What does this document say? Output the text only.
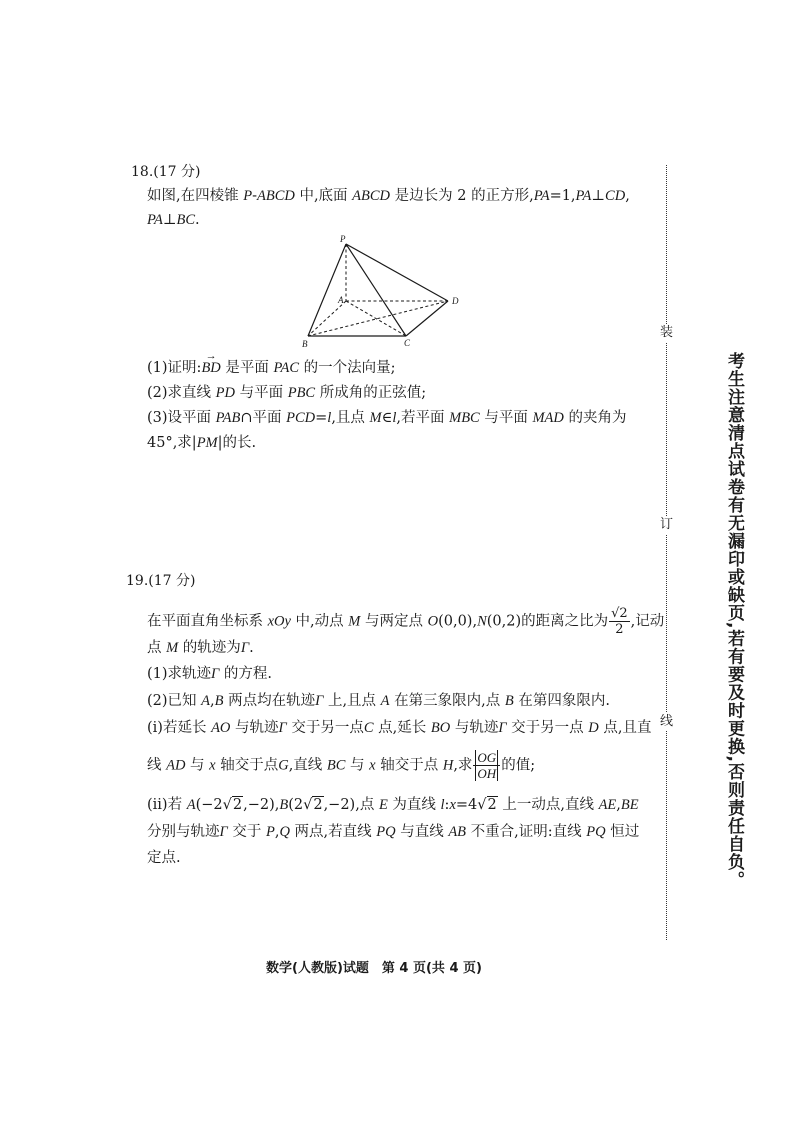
18.(17 分)
如图,在四棱锥 P-ABCD 中,底面 ABCD 是边长为 2 的正方形,PA=1,PA⊥CD,
PA⊥BC.
P
A
B	C
D
(1)证明:
→
BD 是平面 PAC 的一个法向量;
(2)求直线 PD 与平面 PBC 所成角的正弦值;
(3)设平面 PAB∩平面 PCD=l,且点 M∈l,若平面 MBC 与平面 MAD 的夹角为
45°,求|PM|的长.
19.(17 分)
在平面直角坐标系 xOy 中,动点 M 与两定点 O(0,0),N(0,2)的距离之比为 $\frac{√2}{2}$ ,记动
点 M 的轨迹为Γ.
(1)求轨迹Γ 的方程.
(2)已知 A,B 两点均在轨迹Γ 上,且点 A 在第三象限内,点 B 在第四象限内.
(ⅰ)若延长 AO 与轨迹Γ 交于另一点C 点,延长 BO 与轨迹Γ 交于另一点 D 点,且直
线 AD 与 x 轴交于点G,直线 BC 与 x 轴交于点 H,求 $\frac{OG}{OH}$ 的值;
(ⅱ)若 A(−2√2,−2),B(2√2,−2),点 E 为直线 l:x=4√2 上一动点,直线 AE,BE
分别与轨迹Γ 交于 P,Q 两点,若直线 PQ 与直线 AB 不重合,证明:直线 PQ 恒过
定点.
装
订
线	考生注意清点试卷有无漏印或缺页,若有要及时更换,否则责任自负。
数学(人教版)试题　第 4 页(共 4 页)
